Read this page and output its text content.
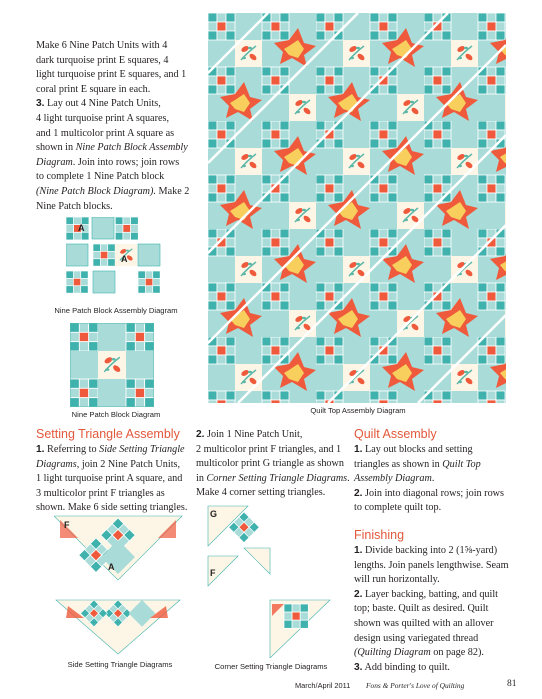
Make 6 Nine Patch Units with 4

dark turquoise print E squares, 4

light turquoise print E squares, and 1

coral print E square in each.

3. Lay out 4 Nine Patch Units,

4 light turquoise print A squares,

and 1 multicolor print A square as

shown in Nine Patch Block Assembly

Diagram. Join into rows; join rows

to complete 1 Nine Patch block

(Nine Patch Block Diagram). Make 2

Nine Patch blocks.

A
A
Nine Patch Block Assembly Diagram
Nine Patch Block Diagram	Quilt Top Assembly Diagram
Setting Triangle Assembly

1. Referring to Side Setting Triangle

Diagrams, join 2 Nine Patch Units,

1 light turquoise print A square, and

3 multicolor print F triangles as

shown. Make 6 side setting triangles.

F
A
Side Setting Triangle Diagrams

2. Join 1 Nine Patch Unit,

2 multicolor print F triangles, and 1

multicolor print G triangle as shown

in Corner Setting Triangle Diagrams.

Make 4 corner setting triangles.

G
F
Corner Setting Triangle Diagrams
Quilt Assembly

1. Lay out blocks and setting

triangles as shown in Quilt Top

Assembly Diagram.

2. Join into diagonal rows; join rows

to complete quilt top.

Finishing

1. Divide backing into 2 (1⅝-yard)

lengths. Join panels lengthwise. Seam

will run horizontally.

2. Layer backing, batting, and quilt

top; baste. Quilt as desired. Quilt

shown was quilted with an allover

design using variegated thread

(Quilting Diagram on page 82).

3. Add binding to quilt.

March/April 2011 Fons & Porter's Love of Quilting	81
